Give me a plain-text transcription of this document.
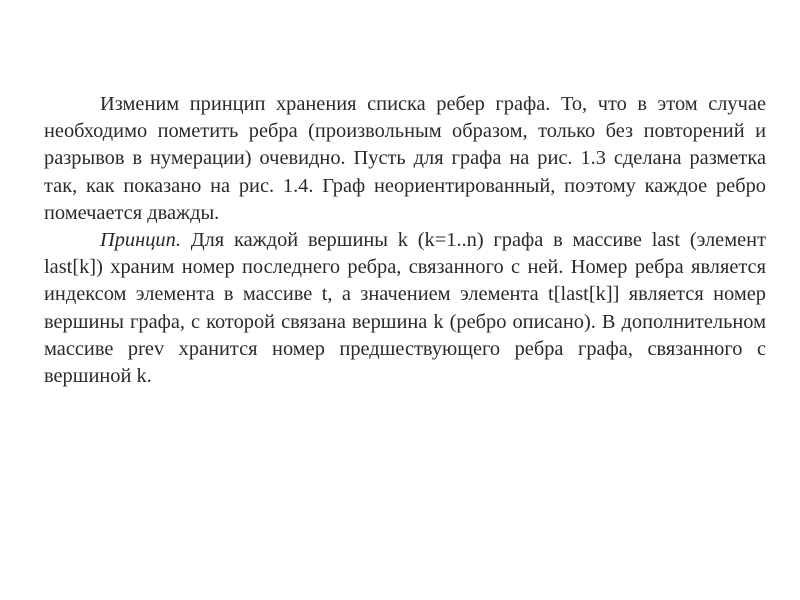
Изменим принцип хранения списка ребер графа. То, что в этом случае необходимо пометить ребра (произвольным образом, только без повторений и разрывов в нумерации) очевидно. Пусть для графа на рис. 1.3 сделана разметка так, как показано на рис. 1.4. Граф неориентированный, поэтому каждое ребро помечается дважды.

Принцип. Для каждой вершины k (k=1..n) графа в массиве last (элемент last[k]) храним номер последнего ребра, связанного с ней. Номер ребра является индексом элемента в массиве t, а значением элемента t[last[k]] является номер вершины графа, с которой связана вершина k (ребро описано). В дополнительном массиве prev хранится номер предшествующего ребра графа, связанного с вершиной k.
